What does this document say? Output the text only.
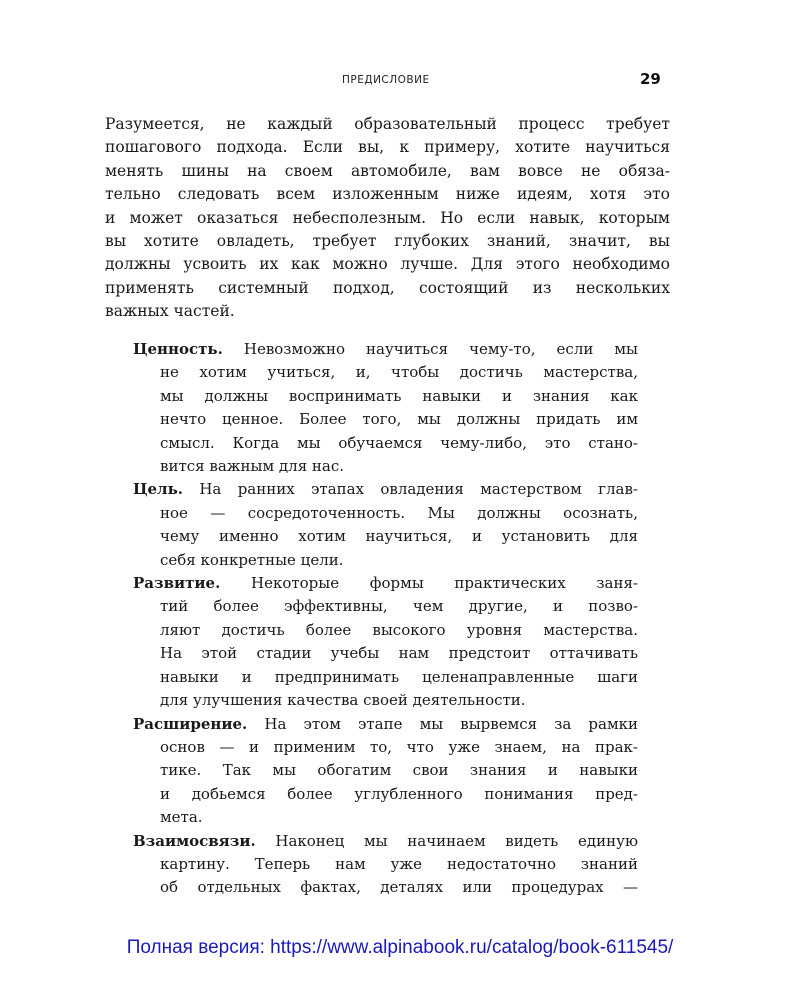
ПРЕДИСЛОВИЕ	29
Разумеется, не каждый образовательный процесс требует
пошагового подхода. Если вы, к примеру, хотите научиться
менять шины на своем автомобиле, вам вовсе не обяза-
тельно следовать всем изложенным ниже идеям, хотя это
и может оказаться небесполезным. Но если навык, которым
вы хотите овладеть, требует глубоких знаний, значит, вы
должны усвоить их как можно лучше. Для этого необходимо
применять системный подход, состоящий из нескольких
важных частей.
Ценность. Невозможно научиться чему-то, если мы
не хотим учиться, и, чтобы достичь мастерства,
мы должны воспринимать навыки и знания как
нечто ценное. Более того, мы должны придать им
смысл. Когда мы обучаемся чему-либо, это стано-
вится важным для нас.
Цель. На ранних этапах овладения мастерством глав-
ное — сосредоточенность. Мы должны осознать,
чему именно хотим научиться, и установить для
себя конкретные цели.
Развитие. Некоторые формы практических заня-
тий более эффективны, чем другие, и позво-
ляют достичь более высокого уровня мастерства.
На этой стадии учебы нам предстоит оттачивать
навыки и предпринимать целенаправленные шаги
для улучшения качества своей деятельности.
Расширение. На этом этапе мы вырвемся за рамки
основ — и применим то, что уже знаем, на прак-
тике. Так мы обогатим свои знания и навыки
и добьемся более углубленного понимания пред-
мета.
Взаимосвязи. Наконец мы начинаем видеть единую
картину. Теперь нам уже недостаточно знаний
об отдельных фактах, деталях или процедурах —
Полная версия: https://www.alpinabook.ru/catalog/book-611545/
